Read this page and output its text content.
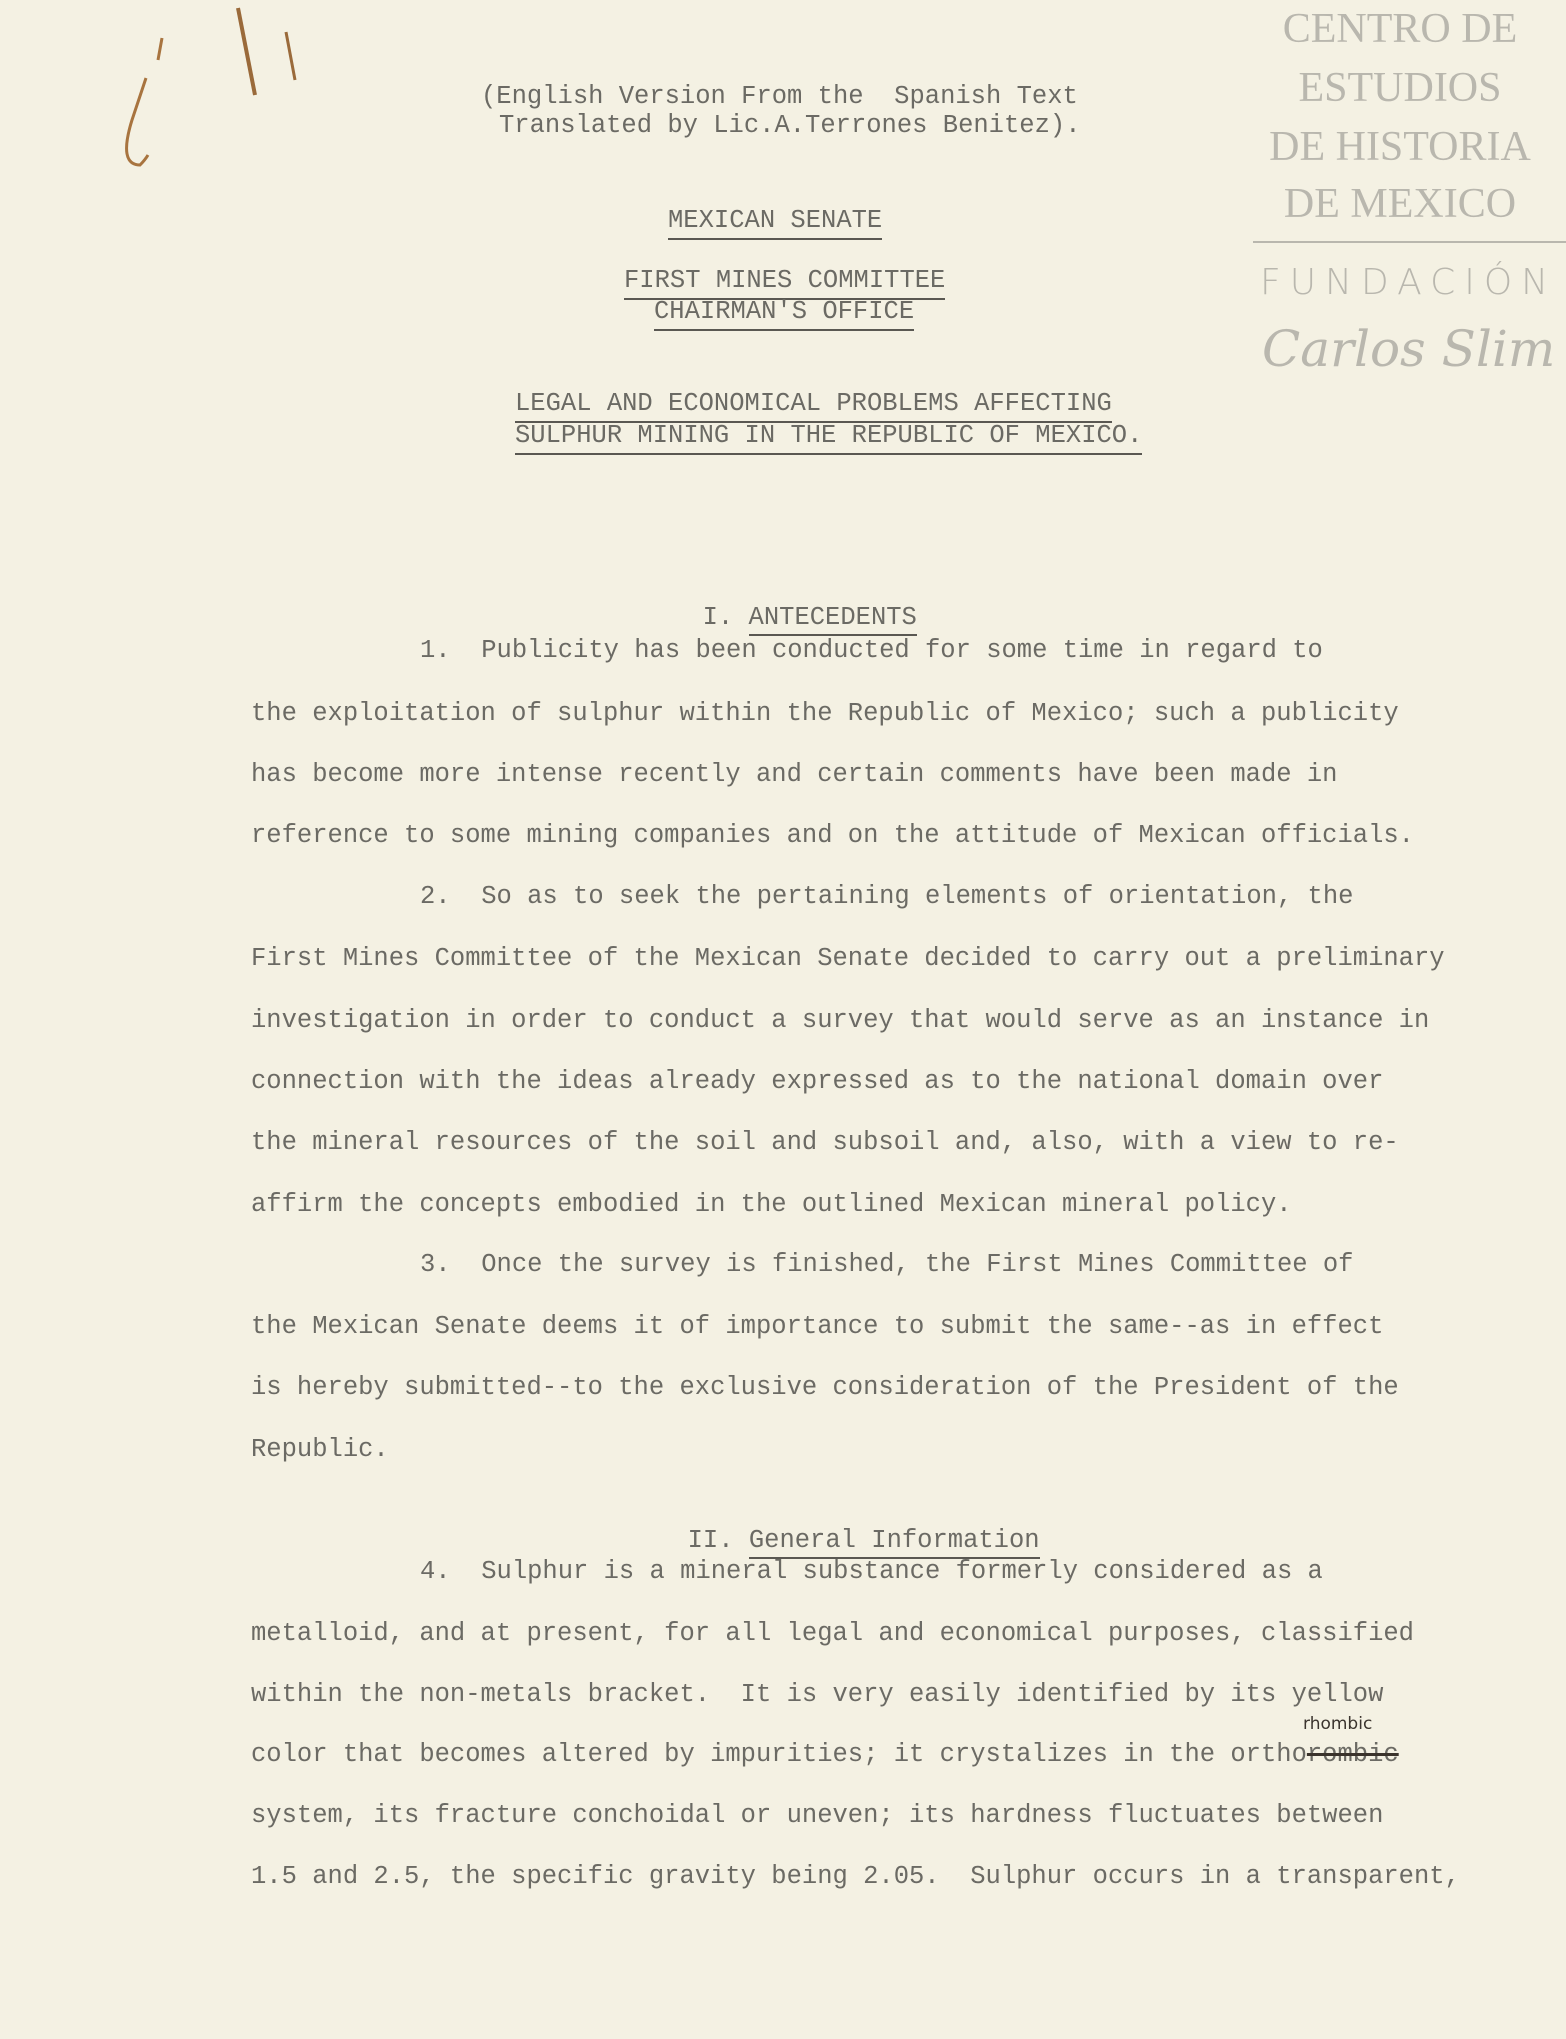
CENTRO DE
ESTUDIOS
DE HISTORIA
DE MEXICO
FUNDACIÓN
Carlos Slim
(English Version From the  Spanish Text
Translated by Lic.A.Terrones Benitez).
MEXICAN SENATE
FIRST MINES COMMITTEE
CHAIRMAN'S OFFICE
LEGAL AND ECONOMICAL PROBLEMS AFFECTING
SULPHUR MINING IN THE REPUBLIC OF MEXICO.

I. ANTECEDENTS

1.  Publicity has been conducted for some time in regard to
the exploitation of sulphur within the Republic of Mexico; such a publicity
has become more intense recently and certain comments have been made in
reference to some mining companies and on the attitude of Mexican officials.
2.  So as to seek the pertaining elements of orientation, the
First Mines Committee of the Mexican Senate decided to carry out a preliminary
investigation in order to conduct a survey that would serve as an instance in
connection with the ideas already expressed as to the national domain over
the mineral resources of the soil and subsoil and, also, with a view to re-
affirm the concepts embodied in the outlined Mexican mineral policy.
3.  Once the survey is finished, the First Mines Committee of
the Mexican Senate deems it of importance to submit the same--as in effect
is hereby submitted--to the exclusive consideration of the President of the
Republic.

II. General Information

4.  Sulphur is a mineral substance formerly considered as a
metalloid, and at present, for all legal and economical purposes, classified
within the non-metals bracket.  It is very easily identified by its yellow
color that becomes altered by impurities; it crystalizes in the orthorombic
rhombic
system, its fracture conchoidal or uneven; its hardness fluctuates between
1.5 and 2.5, the specific gravity being 2.05.  Sulphur occurs in a transparent,
